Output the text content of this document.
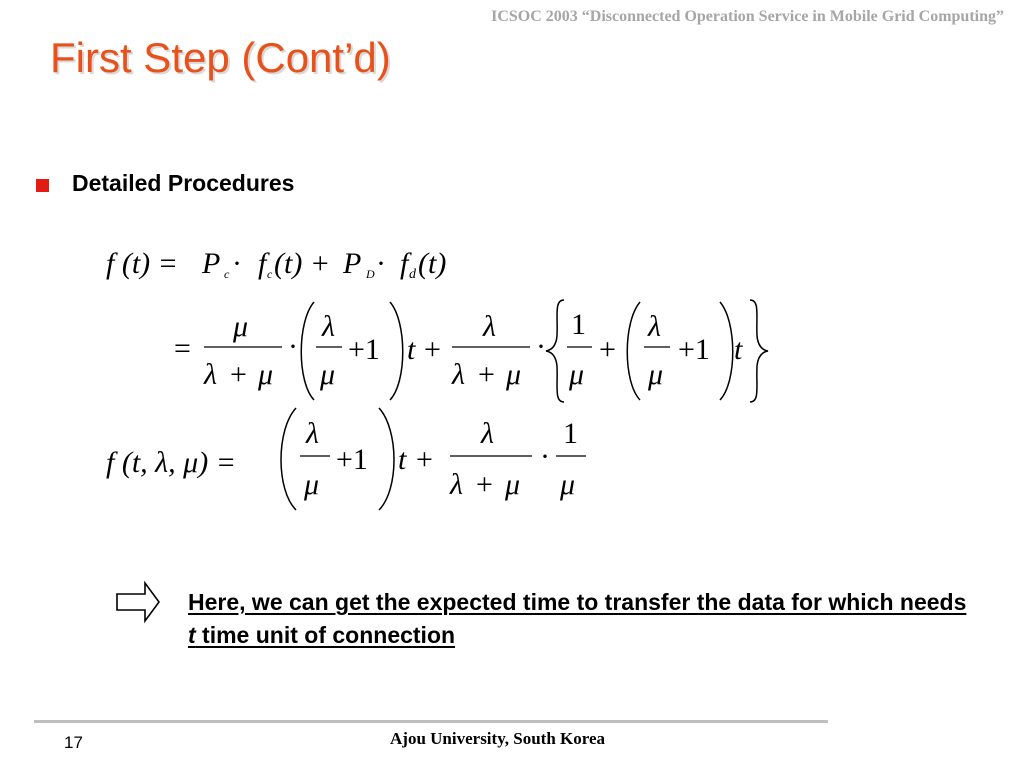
ICSOC 2003 “Disconnected Operation Service in Mobile Grid Computing”
First Step (Cont’d)
Detailed Procedures
f (t) = P c · f c (t) + P D · f d (t)
=
μ
λ + μ
·
λ
μ
+1 t +
λ
λ + μ
·
1
μ
+
λ
μ
+1 t
f (t, λ, μ) =
λ
μ
+1 t +
λ
λ + μ
·
1
μ

Here, we can get the expected time to transfer the data for which needs t time unit of connection

17	Ajou University, South Korea
